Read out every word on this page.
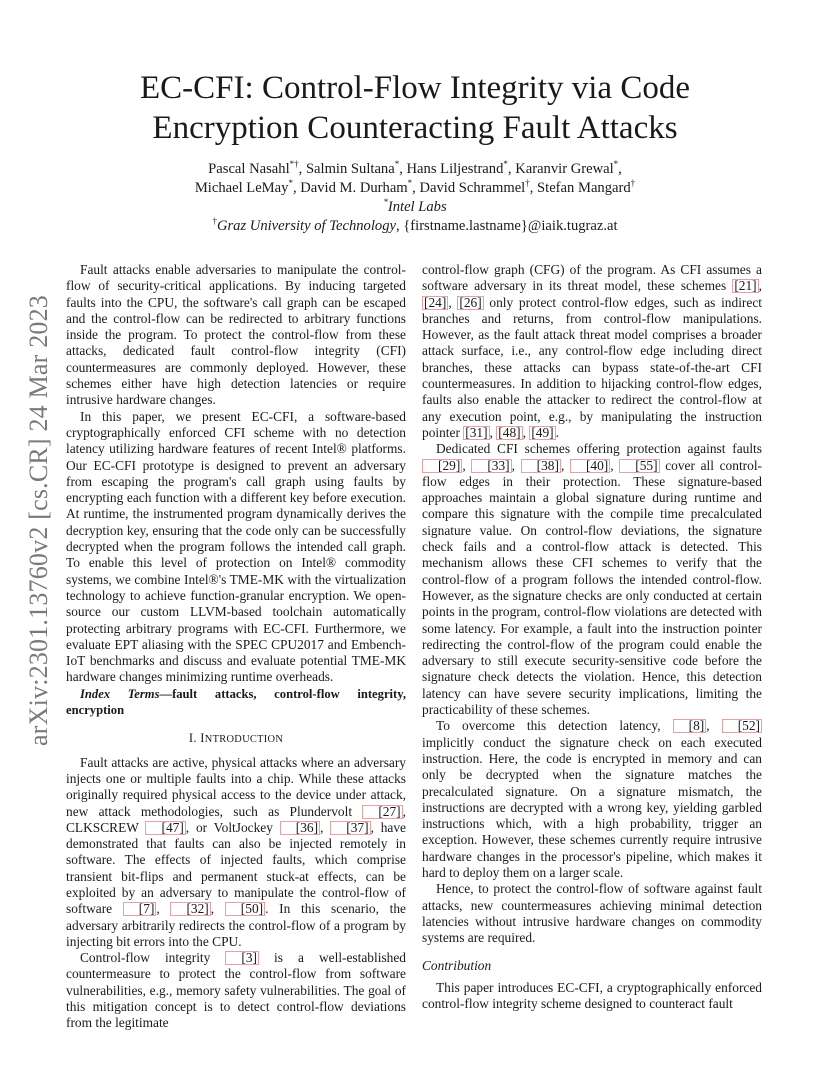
arXiv:2301.13760v2 [cs.CR] 24 Mar 2023
EC-CFI: Control-Flow Integrity via Code
Encryption Counteracting Fault Attacks
Pascal Nasahl*†, Salmin Sultana*, Hans Liljestrand*, Karanvir Grewal*,
Michael LeMay*, David M. Durham*, David Schrammel†, Stefan Mangard†
*Intel Labs
†Graz University of Technology, {firstname.lastname}@iaik.tugraz.at

Fault attacks enable adversaries to manipulate the control-flow of security-critical applications. By inducing targeted faults into the CPU, the software's call graph can be escaped and the control-flow can be redirected to arbitrary functions inside the program. To protect the control-flow from these attacks, dedicated fault control-flow integrity (CFI) countermeasures are commonly deployed. However, these schemes either have high detection latencies or require intrusive hardware changes.

In this paper, we present EC-CFI, a software-based cryptographically enforced CFI scheme with no detection latency utilizing hardware features of recent Intel® platforms. Our EC-CFI prototype is designed to prevent an adversary from escaping the program's call graph using faults by encrypting each function with a different key before execution. At runtime, the instrumented program dynamically derives the decryption key, ensuring that the code only can be successfully decrypted when the program follows the intended call graph. To enable this level of protection on Intel® commodity systems, we combine Intel®'s TME-MK with the virtualization technology to achieve function-granular encryption. We open-source our custom LLVM-based toolchain automatically protecting arbitrary programs with EC-CFI. Furthermore, we evaluate EPT aliasing with the SPEC CPU2017 and Embench-IoT benchmarks and discuss and evaluate potential TME-MK hardware changes minimizing runtime overheads.

Index Terms—fault attacks, control-flow integrity, encryption

I. INTRODUCTION

Fault attacks are active, physical attacks where an adversary injects one or multiple faults into a chip. While these attacks originally required physical access to the device under attack, new attack methodologies, such as Plundervolt [27] , CLKSCREW [47] , or VoltJockey [36] , [37] , have demonstrated that faults can also be injected remotely in software. The effects of injected faults, which comprise transient bit-flips and permanent stuck-at effects, can be exploited by an adversary to manipulate the control-flow of software [7] , [32] , [50] . In this scenario, the adversary arbitrarily redirects the control-flow of a program by injecting bit errors into the CPU.

Control-flow integrity [3] is a well-established countermeasure to protect the control-flow from software vulnerabilities, e.g., memory safety vulnerabilities. The goal of this mitigation concept is to detect control-flow deviations from the legitimate

control-flow graph (CFG) of the program. As CFI assumes a software adversary in its threat model, these schemes [21] , [24] , [26] only protect control-flow edges, such as indirect branches and returns, from control-flow manipulations. However, as the fault attack threat model comprises a broader attack surface, i.e., any control-flow edge including direct branches, these attacks can bypass state-of-the-art CFI countermeasures. In addition to hijacking control-flow edges, faults also enable the attacker to redirect the control-flow at any execution point, e.g., by manipulating the instruction pointer [31] , [48] , [49] .

Dedicated CFI schemes offering protection against faults [29] , [33] , [38] , [40] , [55] cover all control-flow edges in their protection. These signature-based approaches maintain a global signature during runtime and compare this signature with the compile time precalculated signature value. On control-flow deviations, the signature check fails and a control-flow attack is detected. This mechanism allows these CFI schemes to verify that the control-flow of a program follows the intended control-flow. However, as the signature checks are only conducted at certain points in the program, control-flow violations are detected with some latency. For example, a fault into the instruction pointer redirecting the control-flow of the program could enable the adversary to still execute security-sensitive code before the signature check detects the violation. Hence, this detection latency can have severe security implications, limiting the practicability of these schemes.

To overcome this detection latency, [8] , [52] implicitly conduct the signature check on each executed instruction. Here, the code is encrypted in memory and can only be decrypted when the signature matches the precalculated signature. On a signature mismatch, the instructions are decrypted with a wrong key, yielding garbled instructions which, with a high probability, trigger an exception. However, these schemes currently require intrusive hardware changes in the processor's pipeline, which makes it hard to deploy them on a larger scale.

Hence, to protect the control-flow of software against fault attacks, new countermeasures achieving minimal detection latencies without intrusive hardware changes on commodity systems are required.

Contribution

This paper introduces EC-CFI, a cryptographically enforced control-flow integrity scheme designed to counteract fault
